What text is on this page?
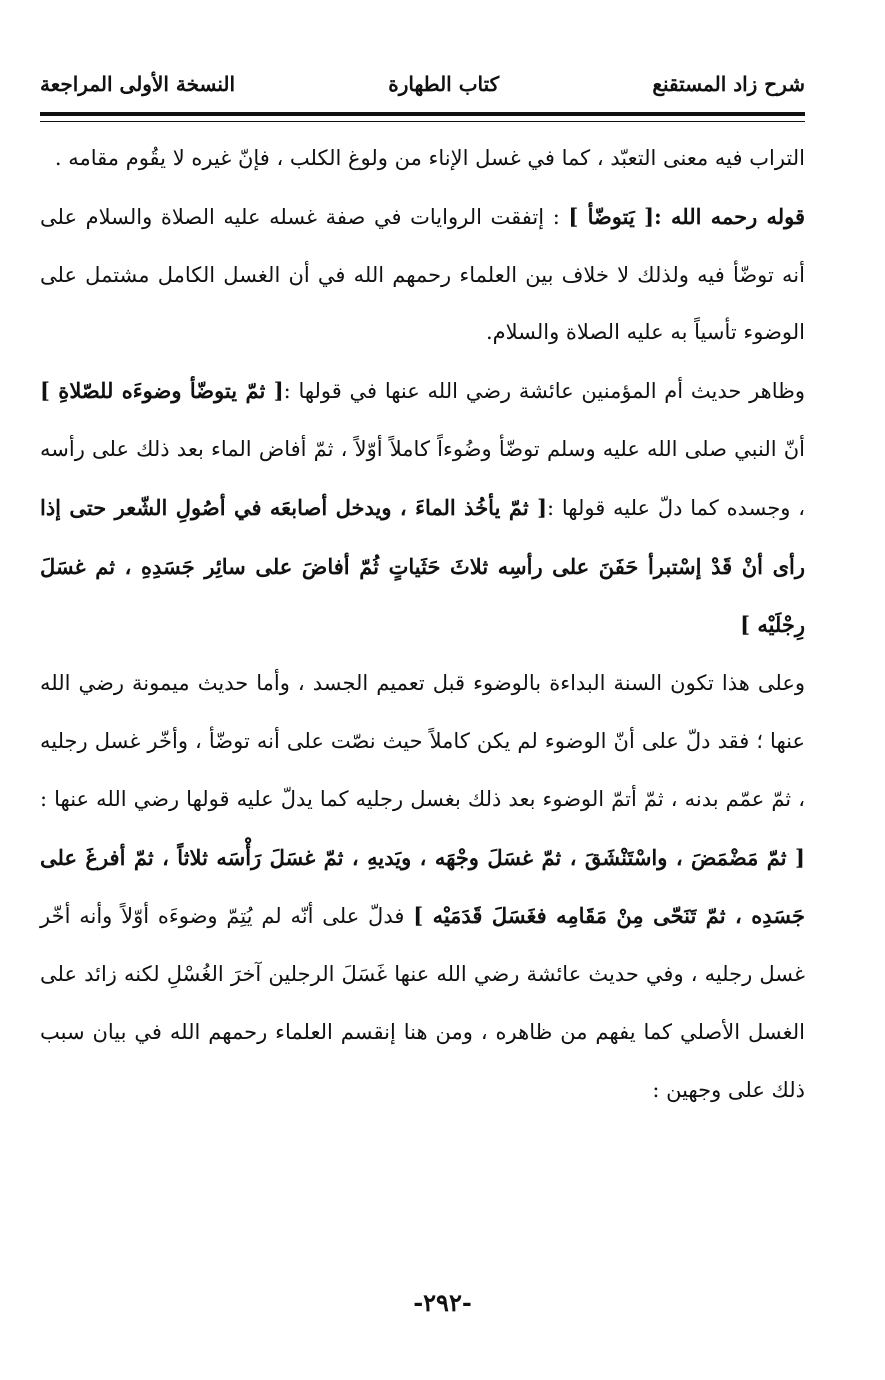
شرح زاد المستقنع
كتاب الطهارة
النسخة الأولى المراجعة

التراب فيه معنى التعبّد ، كما في غسل الإناء من ولوغ الكلب ، فإنّ غيره لا يقُوم مقامه .

قوله رحمه الله :[ يَتوضّأ ] : إتفقت الروايات في صفة غسله عليه الصلاة والسلام على أنه توضّأ فيه ولذلك لا خلاف بين العلماء رحمهم الله في أن الغسل الكامل مشتمل على الوضوء تأسياً به عليه الصلاة والسلام.

وظاهر حديث أم المؤمنين عائشة رضي الله عنها في قولها :[ ثمّ يتوضّأ وضوءَه للصّلاةِ ] أنّ النبي صلى الله عليه وسلم توضّأ وضُوءاً كاملاً أوّلاً ، ثمّ أفاض الماء بعد ذلك على رأسه ، وجسده كما دلّ عليه قولها :[ ثمّ يأخُذ الماءَ ، ويدخل أصابعَه في أصُولِ الشّعر حتى إذا رأى أنْ قَدْ إسْتبرأ حَفَنَ على رأسِه ثلاثَ حَثَياتٍ ثُمّ أفاضَ على سائِر جَسَدِهِ ، ثم غسَلَ رِجْلَيْه ]

وعلى هذا تكون السنة البداءة بالوضوء قبل تعميم الجسد ، وأما حديث ميمونة رضي الله عنها ؛ فقد دلّ على أنّ الوضوء لم يكن كاملاً حيث نصّت على أنه توضّأ ، وأخّر غسل رجليه ، ثمّ عمّم بدنه ، ثمّ أتمّ الوضوء بعد ذلك بغسل رجليه كما يدلّ عليه قولها رضي الله عنها :[ ثمّ مَضْمَضَ ، واسْتَنْشَقَ ، ثمّ غسَلَ وجْهَه ، ويَديهِ ، ثمّ غسَلَ رَأْسَه ثلاثاً ، ثمّ أفرغَ على جَسَدِه ، ثمّ تَنَحّى مِنْ مَقَامِه فغَسَلَ قَدَمَيْه ] فدلّ على أنّه لم يُتِمّ وضوءَه أوّلاً وأنه أخّر غسل رجليه ، وفي حديث عائشة رضي الله عنها غَسَلَ الرجلين آخرَ الغُسْلِ لكنه زائد على الغسل الأصلي كما يفهم من ظاهره ، ومن هنا إنقسم العلماء رحمهم الله في بيان سبب ذلك على وجهين :

-٢٩٢-
